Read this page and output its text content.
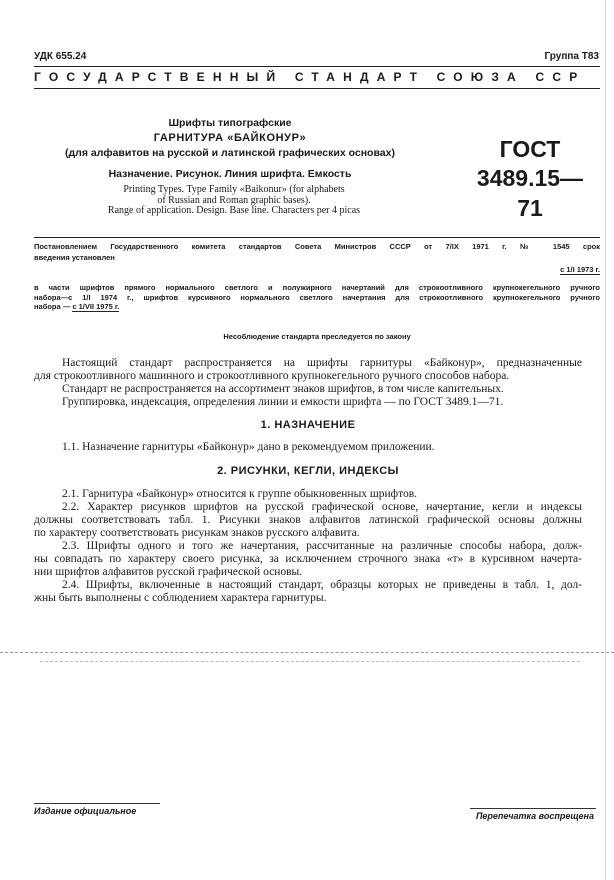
УДК 655.24	Группа Т83
ГОСУДАРСТВЕННЫЙ СТАНДАРТ СОЮЗА ССР
Шрифты типографские
ГАРНИТУРА «БАЙКОНУР»
(для алфавитов на русской и латинской графических основах)
Назначение. Рисунок. Линия шрифта. Емкость
Printing Types. Type Family «Baikonur» (for alphabets
of Russian and Roman graphic bases).
Range of application. Design. Base line. Characters per 4 picas
ГОСТ
3489.15—71
Постановлением Государственного комитета стандартов Совета Министров СССР от 7/IX 1971 г. № 1545 срок
введения установлен
с 1/I 1973 г.
в части шрифтов прямого нормального светлого и полужирного начертаний для строкоотливного крупнокегельного ручного
набора—с 1/I 1974 г., шрифтов курсивного нормального светлого начертания для строкоотливного крупнокегельного ручного
набора — с 1/VII 1975 г.
Несоблюдение стандарта преследуется по закону
Настоящий стандарт распространяется на шрифты гарнитуры «Байконур», предназначенные
для строкоотливного машинного и строкоотливного крупнокегельного ручного способов набора.
Стандарт не распространяется на ассортимент знаков шрифтов, в том числе капительных.
Группировка, индексация, определения линии и емкости шрифта — по ГОСТ 3489.1—71.
1. НАЗНАЧЕНИЕ
1.1. Назначение гарнитуры «Байконур» дано в рекомендуемом приложении.
2. РИСУНКИ, КЕГЛИ, ИНДЕКСЫ
2.1. Гарнитура «Байконур» относится к группе обыкновенных шрифтов.
2.2. Характер рисунков шрифтов на русской графической основе, начертание, кегли и индексы
должны соответствовать табл. 1. Рисунки знаков алфавитов латинской графической основы должны
по характеру соответствовать рисункам знаков русского алфавита.
2.3. Шрифты одного и того же начертания, рассчитанные на различные способы набора, долж-
ны совпадать по характеру своего рисунка, за исключением строчного знака «т» в курсивном начерта-
нии шрифтов алфавитов русской графической основы.
2.4. Шрифты, включенные в настоящий стандарт, образцы которых не приведены в табл. 1, дол-
жны быть выполнены с соблюдением характера гарнитуры.
Издание официальное	Перепечатка воспрещена
